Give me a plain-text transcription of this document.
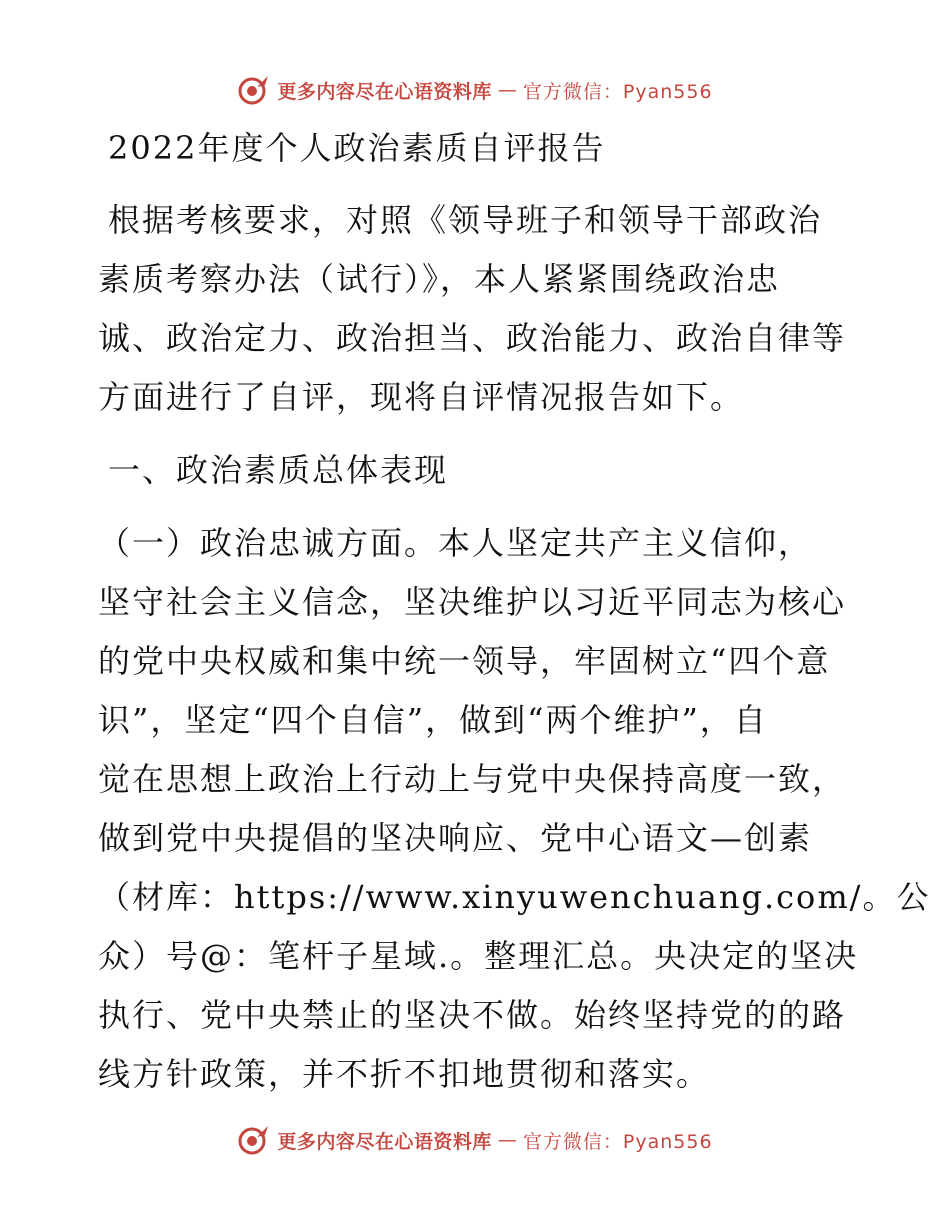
更多内容尽在心语资料库 — 官方微信：Pyan556
2022年度个人政治素质自评报告
根据考核要求，对照《领导班子和领导干部政治
素质考察办法（试行）》，本人紧紧围绕政治忠
诚、政治定力、政治担当、政治能力、政治自律等
方面进行了自评，现将自评情况报告如下。
一、政治素质总体表现
（一）政治忠诚方面。本人坚定共产主义信仰，
坚守社会主义信念，坚决维护以习近平同志为核心
的党中央权威和集中统一领导，牢固树立“四个意
识”，坚定“四个自信”，做到“两个维护”，自
觉在思想上政治上行动上与党中央保持高度一致，
做到党中央提倡的坚决响应、党中心语文—创素
（材库：https://www.xinyuwenchuang.com/。公
众）号@：笔杆子星域.。整理汇总。央决定的坚决
执行、党中央禁止的坚决不做。始终坚持党的的路
线方针政策，并不折不扣地贯彻和落实。
更多内容尽在心语资料库 — 官方微信：Pyan556
